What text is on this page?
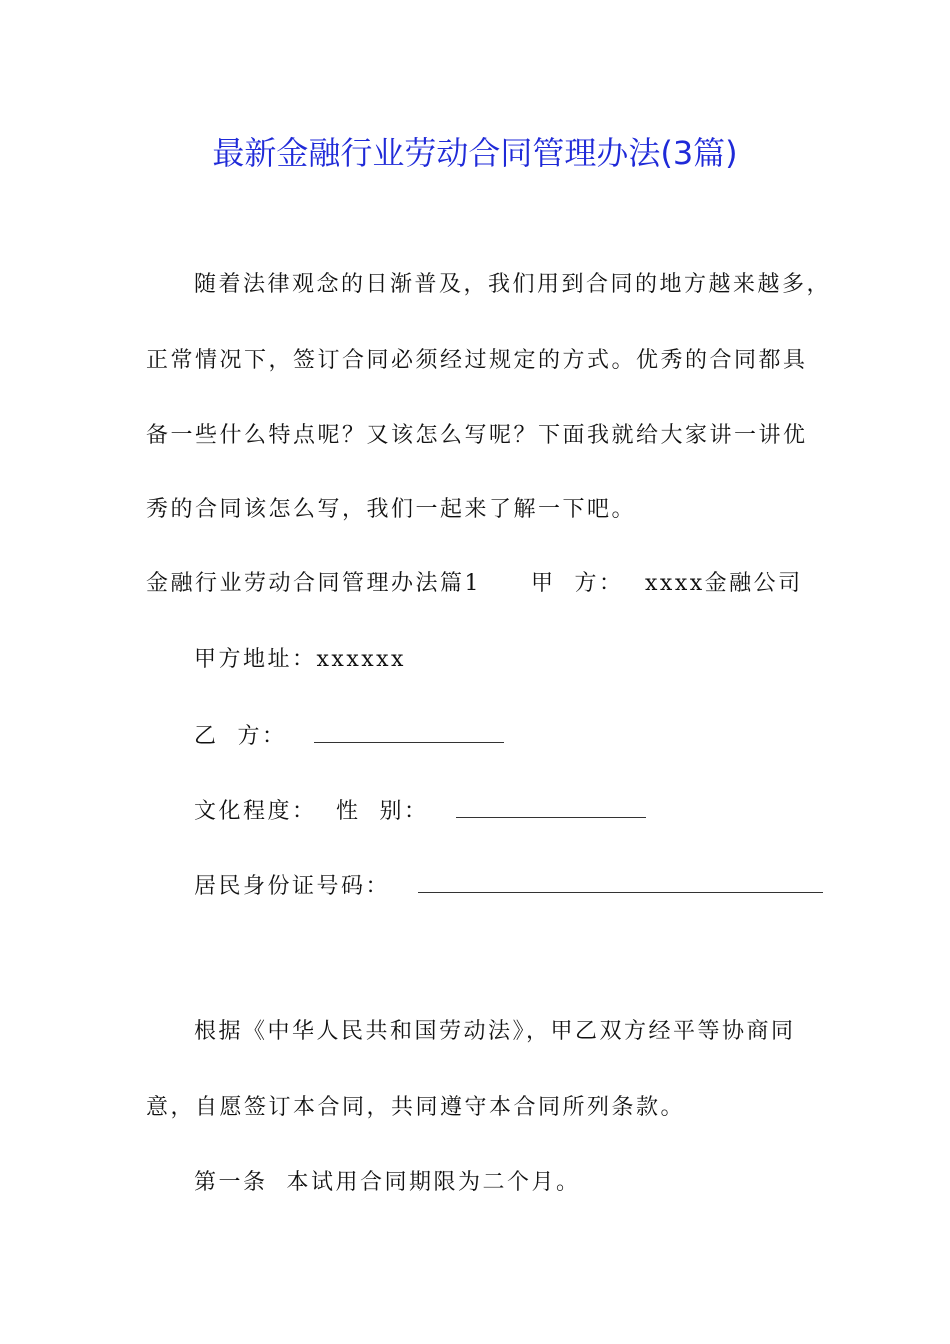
最新金融行业劳动合同管理办法(3篇)
随着法律观念的日渐普及，我们用到合同的地方越来越多，
正常情况下，签订合同必须经过规定的方式。优秀的合同都具
备一些什么特点呢？又该怎么写呢？下面我就给大家讲一讲优
秀的合同该怎么写，我们一起来了解一下吧。
金融行业劳动合同管理办法篇1 甲  方： xxxx金融公司
甲方地址：xxxxxx
乙  方：
文化程度： 性  别：
居民身份证号码：
根据《中华人民共和国劳动法》，甲乙双方经平等协商同
意，自愿签订本合同，共同遵守本合同所列条款。
第一条  本试用合同期限为二个月。
